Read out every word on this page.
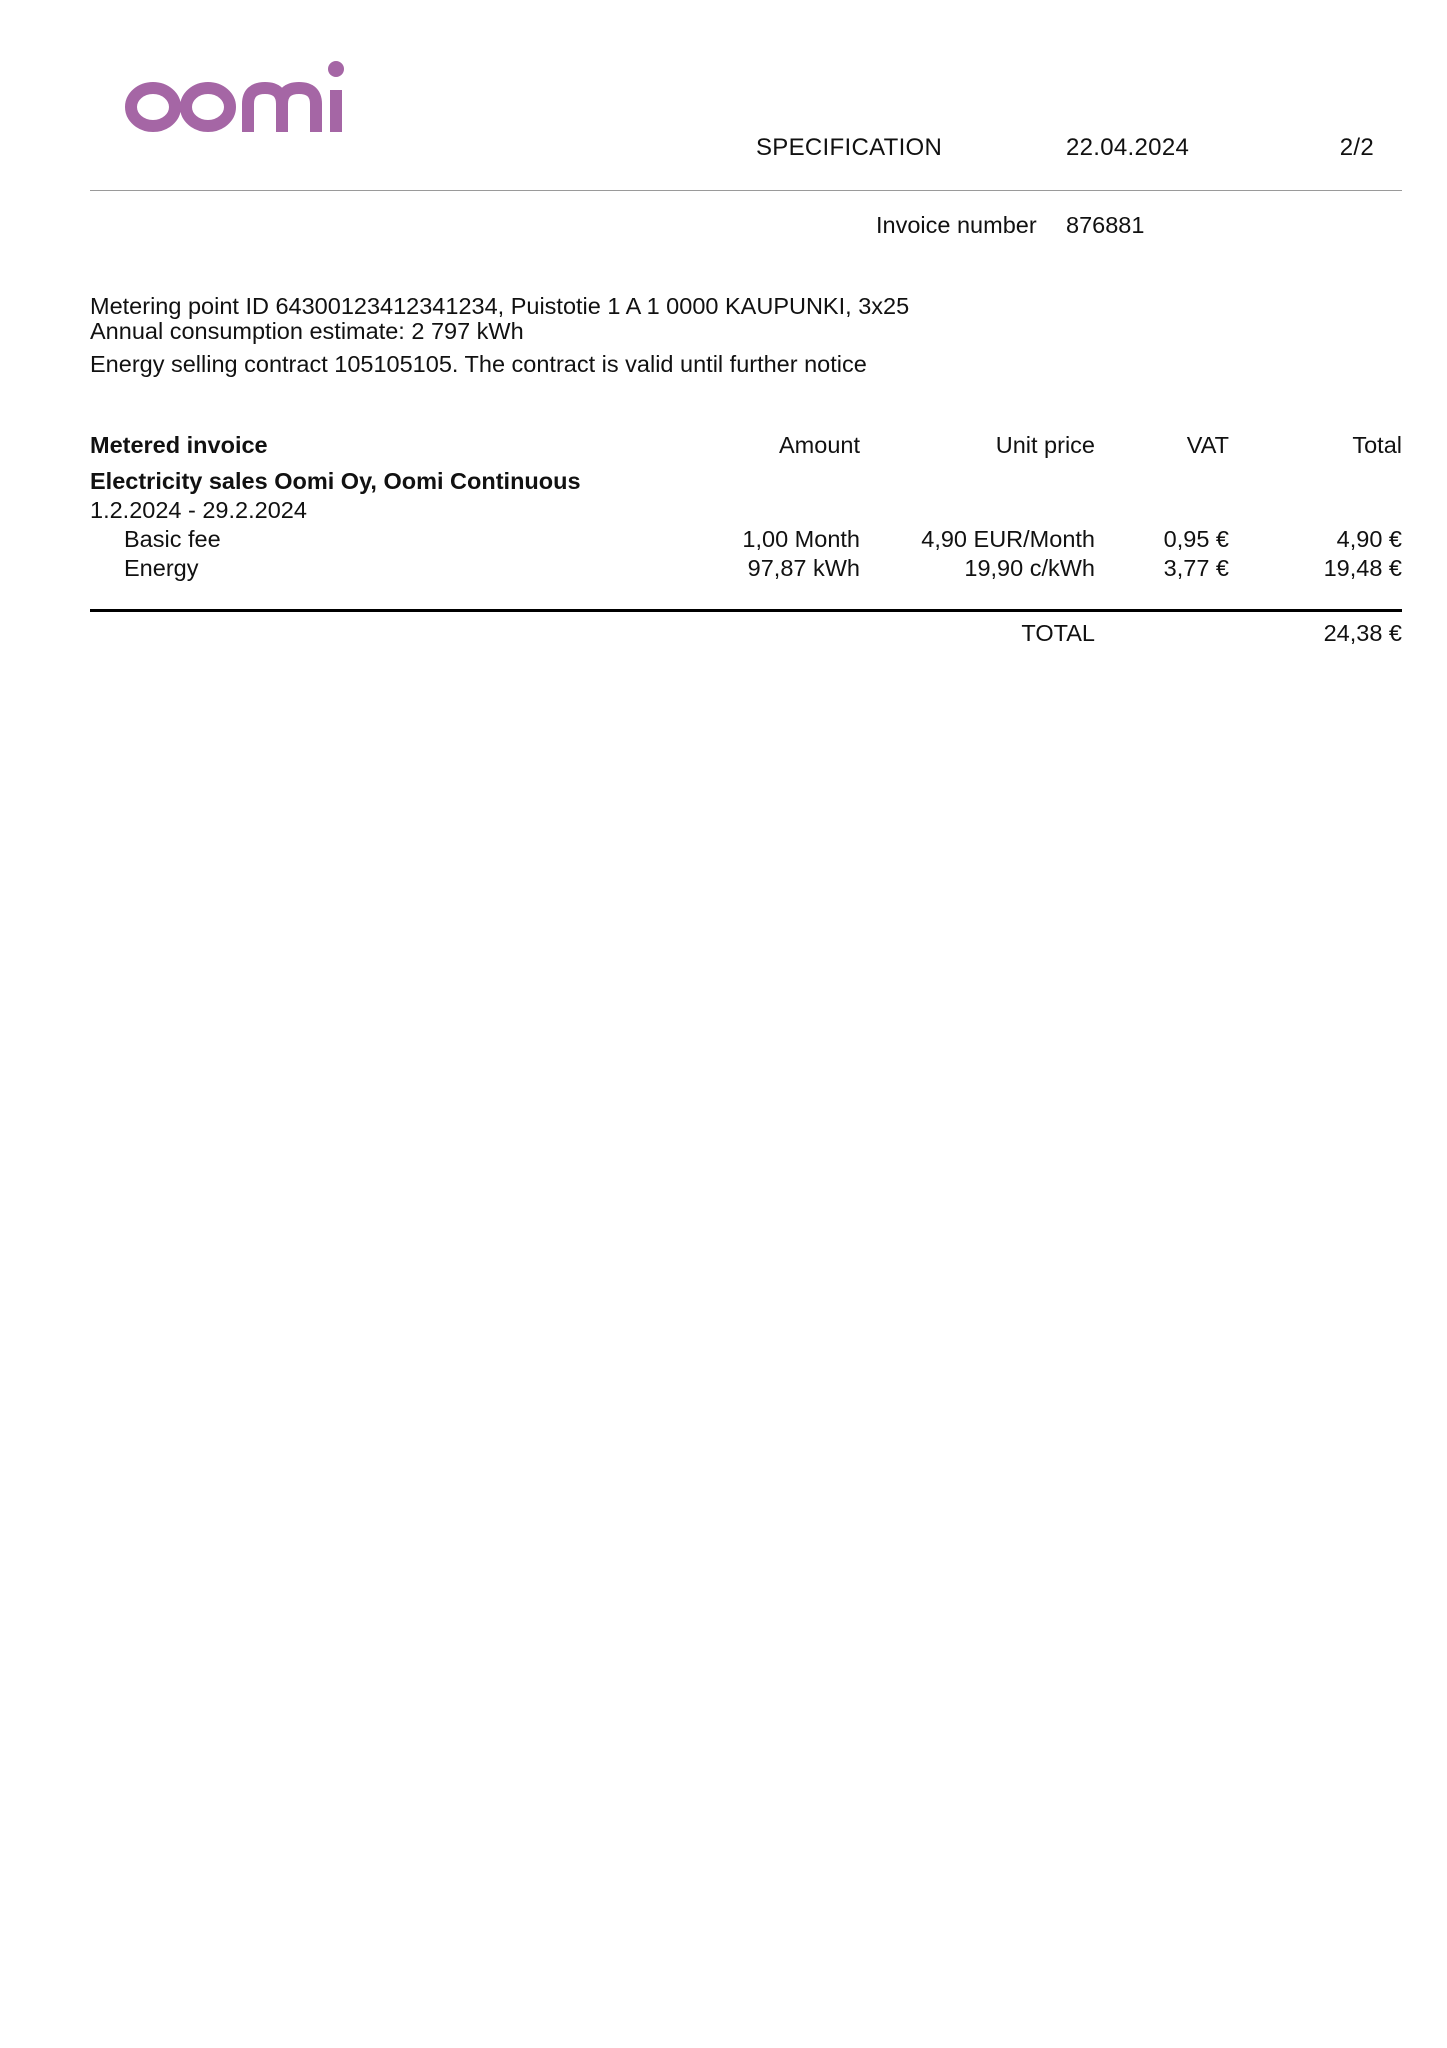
SPECIFICATION	22.04.2024	2/2
Invoice number 876881
Metering point ID 64300123412341234, Puistotie 1 A 1 0000 KAUPUNKI, 3x25
Annual consumption estimate: 2 797 kWh
Energy selling contract 105105105. The contract is valid until further notice
Metered invoice	Amount	Unit price	VAT	Total
Electricity sales Oomi Oy, Oomi Continuous
1.2.2024 - 29.2.2024
Basic fee	1,00 Month	4,90 EUR/Month	0,95 €	4,90 €
Energy	97,87 kWh	19,90 c/kWh	3,77 €	19,48 €
TOTAL	24,38 €
